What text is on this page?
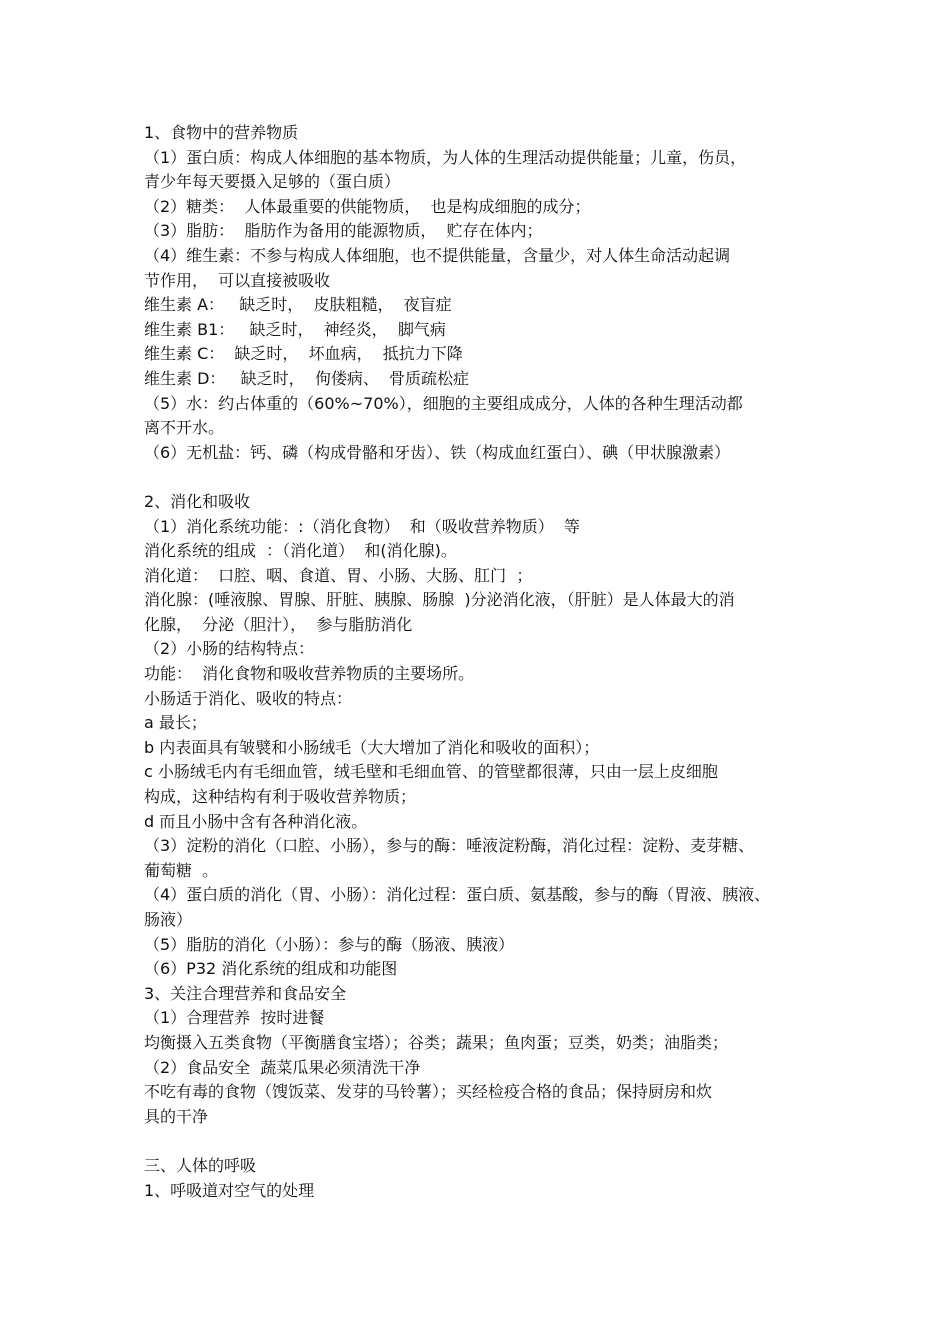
1、食物中的营养物质
（1）蛋白质：构成人体细胞的基本物质，为人体的生理活动提供能量；儿童，伤员，
青少年每天要摄入足够的（蛋白质）
（2）糖类：  人体最重要的供能物质，  也是构成细胞的成分；
（3）脂肪：  脂肪作为备用的能源物质，  贮存在体内；
（4）维生素：不参与构成人体细胞，也不提供能量，含量少，对人体生命活动起调
节作用，  可以直接被吸收
维生素 A：   缺乏时，  皮肤粗糙，  夜盲症
维生素 B1：   缺乏时，  神经炎，  脚气病
维生素 C：  缺乏时，  坏血病，  抵抗力下降
维生素 D：   缺乏时，  佝偻病、  骨质疏松症
（5）水：约占体重的（60%~70%），细胞的主要组成成分，人体的各种生理活动都
离不开水。
（6）无机盐：钙、磷（构成骨骼和牙齿）、铁（构成血红蛋白）、碘（甲状腺激素）
2、消化和吸收
（1）消化系统功能：:（消化食物）  和（吸收营养物质）  等
消化系统的组成  ：（消化道）  和(消化腺)。
消化道：  口腔、咽、食道、胃、小肠、大肠、肛门  ；
消化腺：(唾液腺、胃腺、肝脏、胰腺、肠腺  )分泌消化液，（肝脏）是人体最大的消
化腺，  分泌（胆汁），  参与脂肪消化
（2）小肠的结构特点：
功能：  消化食物和吸收营养物质的主要场所。
小肠适于消化、吸收的特点：
a 最长；
b 内表面具有皱襞和小肠绒毛（大大增加了消化和吸收的面积）；
c 小肠绒毛内有毛细血管，绒毛壁和毛细血管、的管壁都很薄，只由一层上皮细胞
构成，这种结构有利于吸收营养物质；
d 而且小肠中含有各种消化液。
（3）淀粉的消化（口腔、小肠），参与的酶：唾液淀粉酶，消化过程：淀粉、麦芽糖、
葡萄糖  。
（4）蛋白质的消化（胃、小肠）：消化过程：蛋白质、氨基酸，参与的酶（胃液、胰液、
肠液）
（5）脂肪的消化（小肠）：参与的酶（肠液、胰液）
（6）P32 消化系统的组成和功能图
3、关注合理营养和食品安全
（1）合理营养  按时进餐
均衡摄入五类食物（平衡膳食宝塔）；谷类；蔬果；鱼肉蛋；豆类，奶类；油脂类；
（2）食品安全  蔬菜瓜果必须清洗干净
不吃有毒的食物（馊饭菜、发芽的马铃薯）；买经检疫合格的食品；保持厨房和炊
具的干净
三、人体的呼吸
1、呼吸道对空气的处理
